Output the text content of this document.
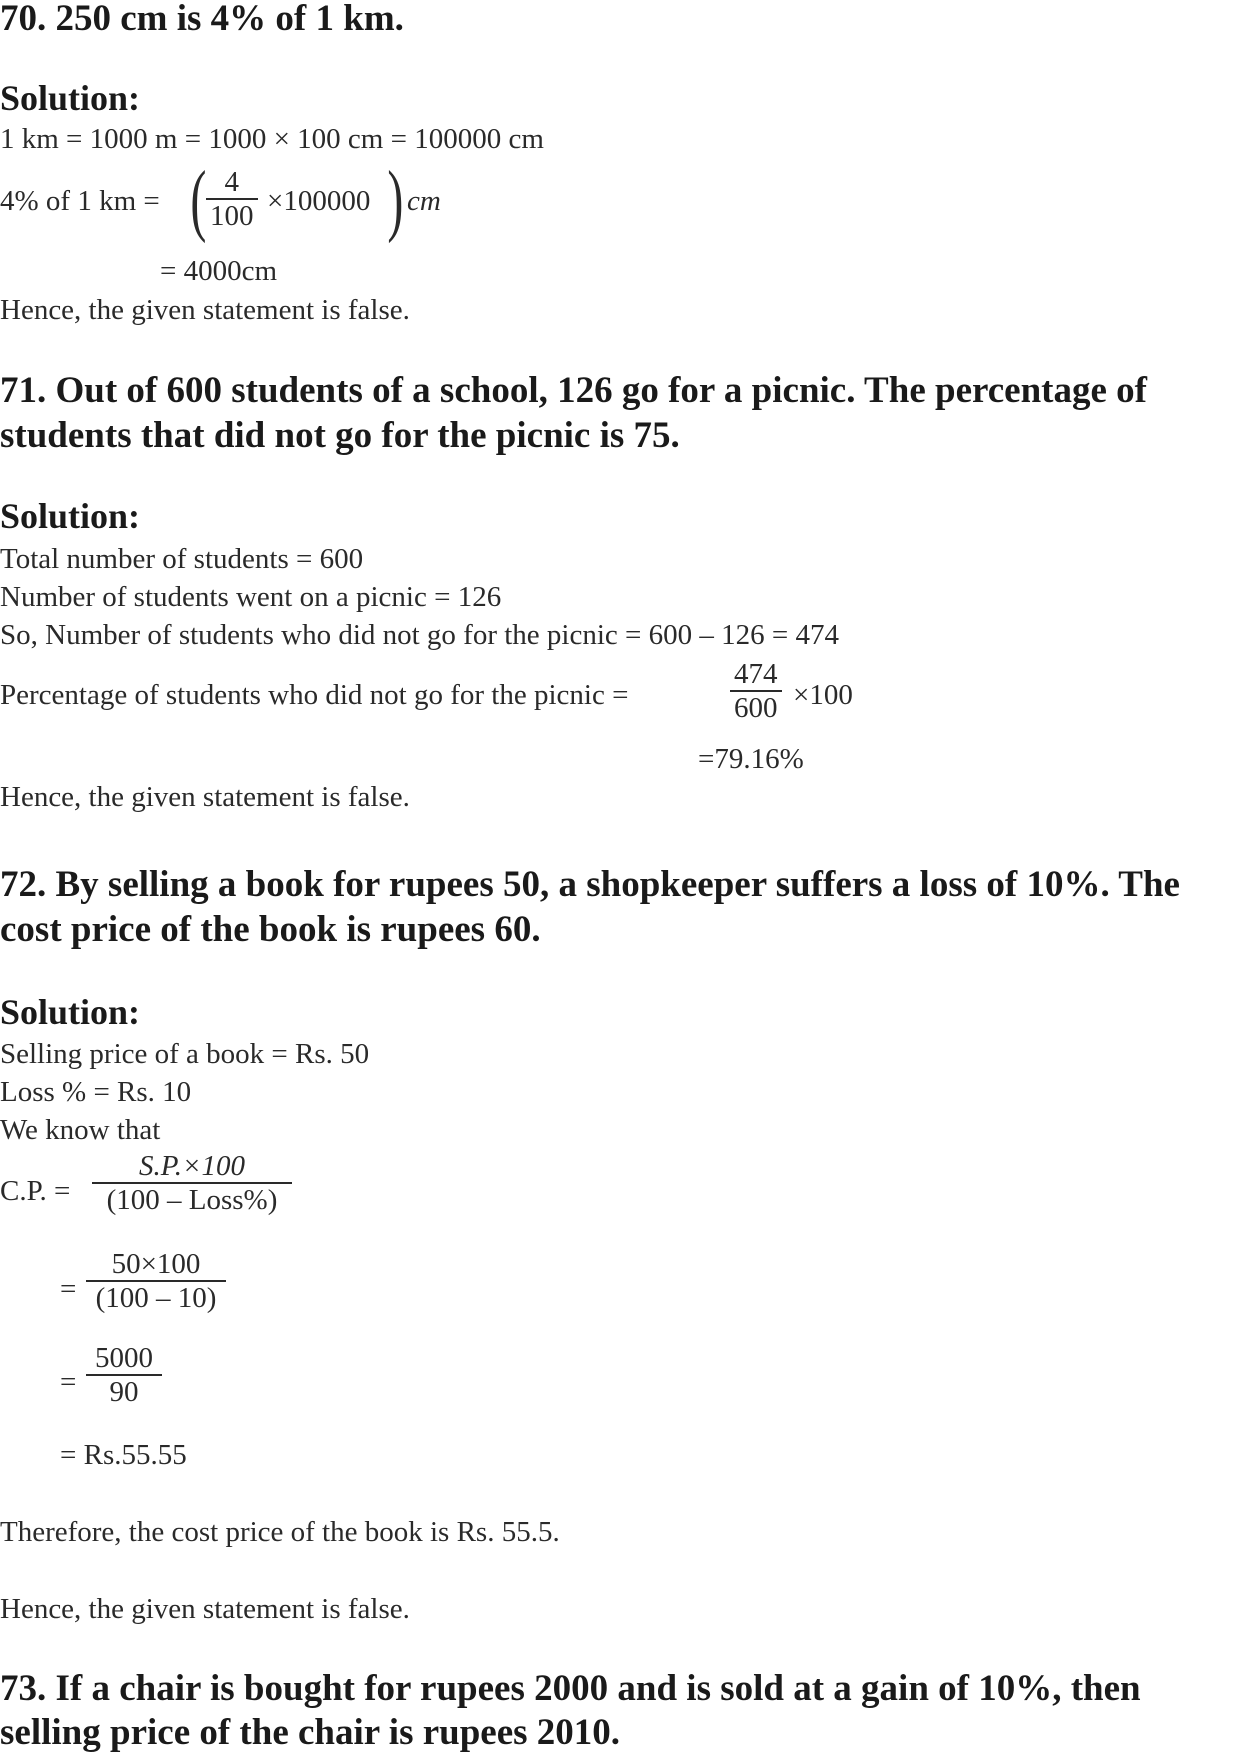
70. 250 cm is 4% of 1 km.
Solution:
1 km = 1000 m = 1000 × 100 cm = 100000 cm
4% of 1 km = ( $\frac{4}{100} \times 100000$ ) cm
= 4000cm
Hence, the given statement is false.
71. Out of 600 students of a school, 126 go for a picnic. The percentage of
students that did not go for the picnic is 75.
Solution:
Total number of students = 600
Number of students went on a picnic = 126
So, Number of students who did not go for the picnic = 600 – 126 = 474
Percentage of students who did not go for the picnic =	$\frac{474}{600} \times 100$
=79.16%
Hence, the given statement is false.
72. By selling a book for rupees 50, a shopkeeper suffers a loss of 10%. The
cost price of the book is rupees 60.
Solution:
Selling price of a book = Rs. 50
Loss % = Rs. 10
We know that
C.P. =
S.P.×100
(100 – Loss%)
= $\frac{50\times 100}{(100 - 10)}$
= $\frac{5000}{90}$
= Rs.55.55
Therefore, the cost price of the book is Rs. 55.5.
Hence, the given statement is false.
73. If a chair is bought for rupees 2000 and is sold at a gain of 10%, then
selling price of the chair is rupees 2010.
